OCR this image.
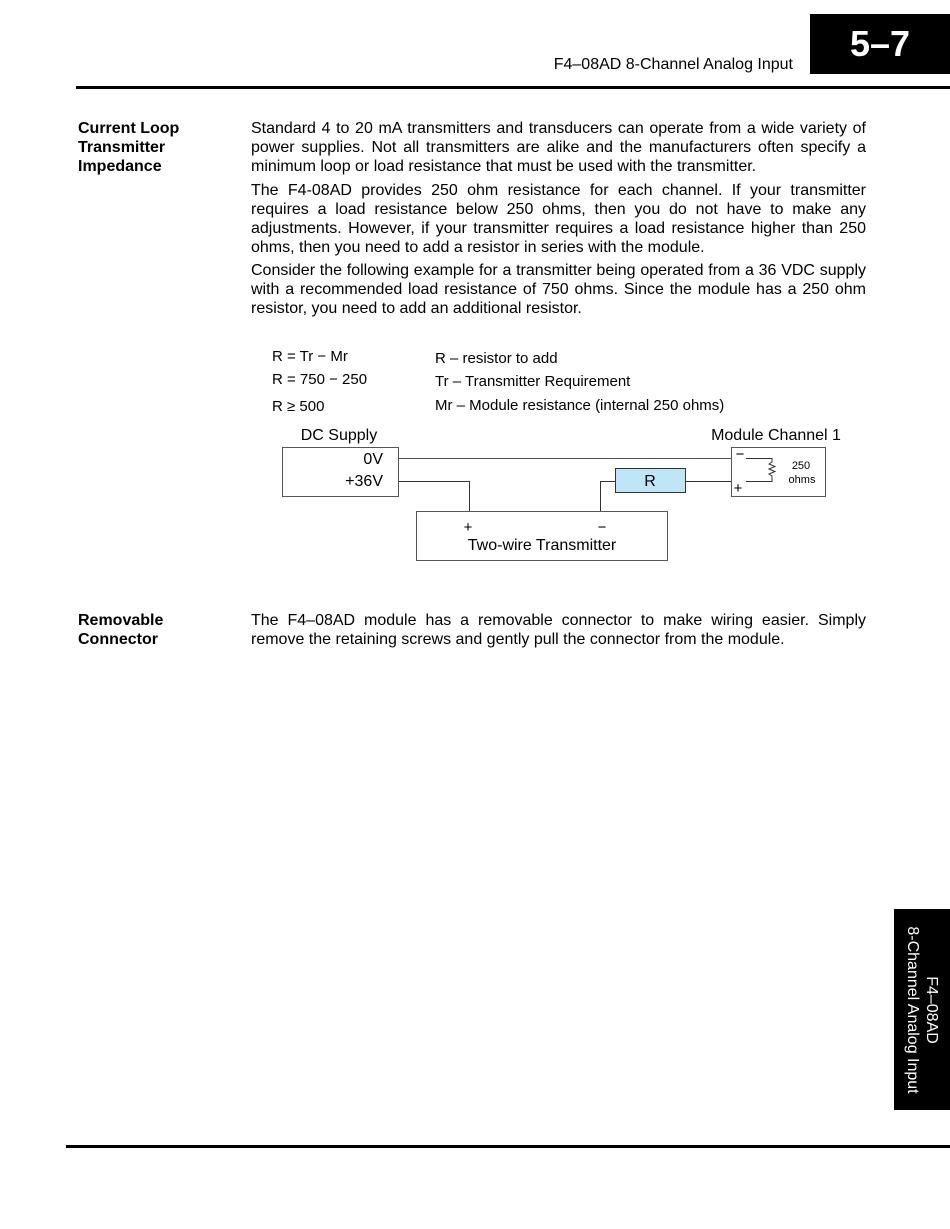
5–7
F4–08AD 8-Channel Analog Input
Current Loop
Transmitter
Impedance

Standard 4 to 20 mA transmitters and transducers can operate from a wide variety of power supplies. Not all transmitters are alike and the manufacturers often specify a minimum loop or load resistance that must be used with the transmitter.

The F4-08AD provides 250 ohm resistance for each channel. If your transmitter requires a load resistance below 250 ohms, then you do not have to make any adjustments. However, if your transmitter requires a load resistance higher than 250 ohms, then you need to add a resistor in series with the module.

Consider the following example for a transmitter being operated from a 36 VDC supply with a recommended load resistance of 750 ohms. Since the module has a 250 ohm resistor, you need to add an additional resistor.

R = Tr − Mr
R = 750 − 250
R ≥ 500
R – resistor to add
Tr – Transmitter Requirement
Mr – Module resistance (internal 250 ohms)
DC Supply
0V
+36V
Module Channel 1
−
+
250
ohms
R
+	−
Two-wire Transmitter
Removable
Connector

The F4–08AD module has a removable connector to make wiring easier. Simply remove the retaining screws and gently pull the connector from the module.

F4–08AD
8-Channel Analog Input
